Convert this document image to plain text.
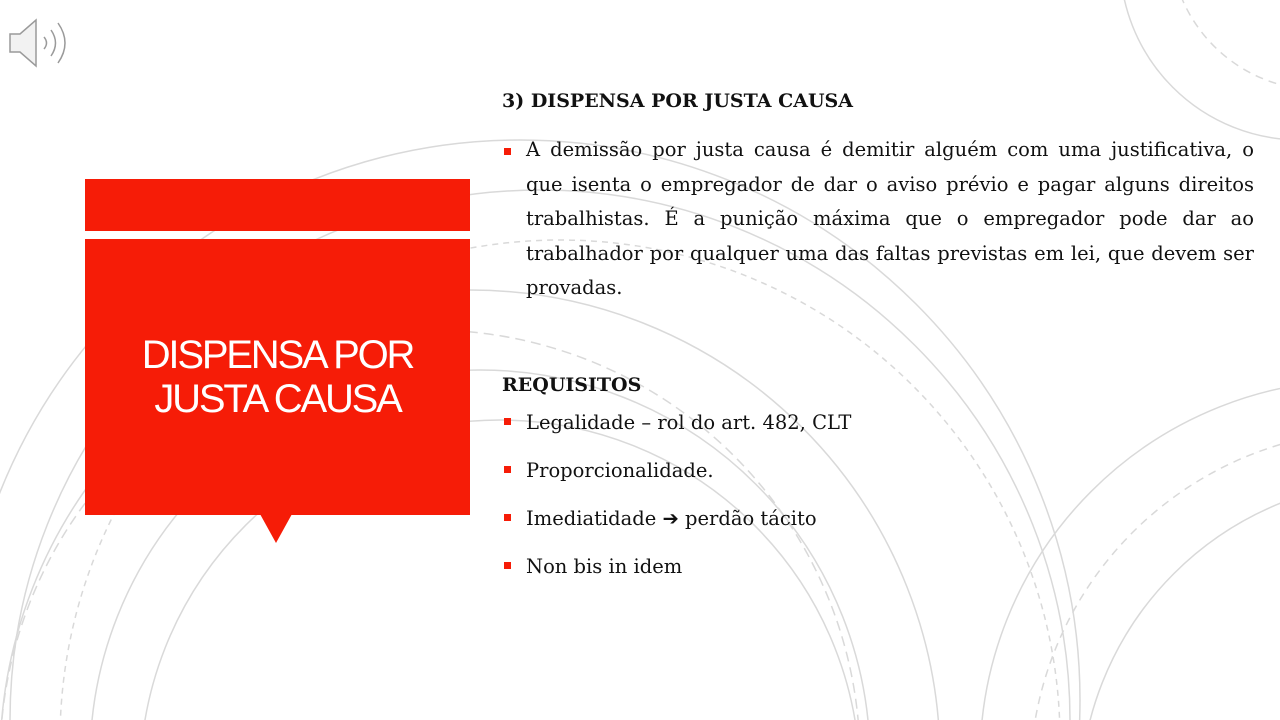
DISPENSA POR
JUSTA CAUSA

3) DISPENSA POR JUSTA CAUSA

A demissão por justa causa é demitir alguém com uma justificativa, o que isenta o empregador de dar o aviso prévio e pagar alguns direitos trabalhistas. É a punição máxima que o empregador pode dar ao trabalhador por qualquer uma das faltas previstas em lei, que devem ser provadas.

REQUISITOS

Legalidade – rol do art. 482, CLT
Proporcionalidade.
Imediatidade ➔ perdão tácito
Non bis in idem
